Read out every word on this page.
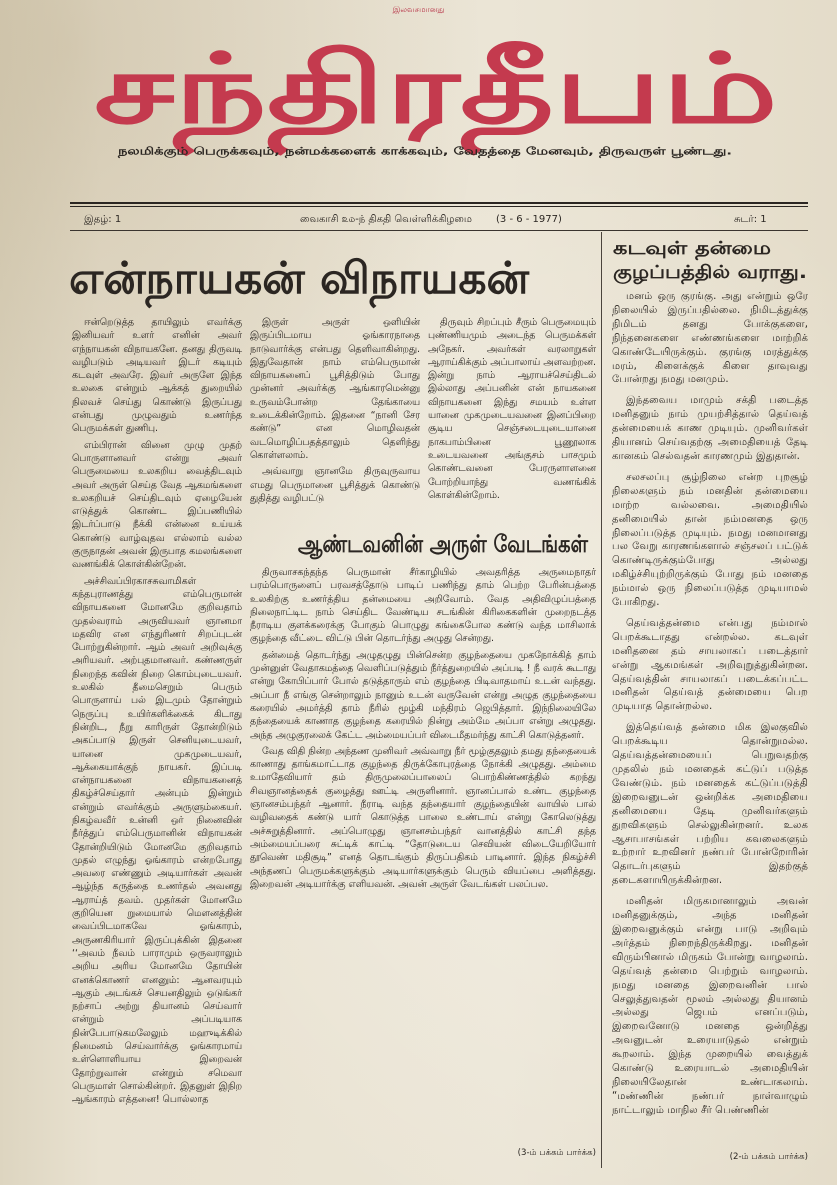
இலவசமானது
சந்திரதீபம்
நலமிக்கும் பெருக்கவும், நன்மக்களைக் காக்கவும், வேதத்தை மேனவும், திருவருள் பூண்டது.
இதழ்: 1	வைகாசி ௨௰-ந் திகதி வெள்ளிக்கிழமை	(3 - 6 - 1977)	சுடர்: 1
என்நாயகன் விநாயகன்
கடவுள் தன்மை
குழப்பத்தில் வராது.

ஈன்றெடுத்த தாயிலும் எவர்க்கு இனியவர் உளர் எனின் அவர் எந்நாயகன் விநாயகனே. தனது திருவடி வழிபடும் அடியவர் இடர் கடியும் கடவுள் அவரே. இவர் அருளே இந்த உலகை என்றும் ஆக்கத் துறையில் நிலவச் செய்து கொண்டு இருப்பது என்பது முழுவதும் உணர்ந்த பெருமக்கள் துணிபு.

எம்பிரான் வினை முழு முதற் பொருளானவர் என்று அவர் பெருமையை உலகறிய வைத்திடவும் அவர் அருள் செய்த வேத ஆகமங்களை உலகறியச் செய்திடவும் ஏழையேன் எடுத்துக் கொண்ட இப்பணியில் இடர்ப்பாடு நீக்கி என்னை உய்யக் கொண்டு வாழ்வுதவ எல்லாம் வல்ல குருநாதன் அவன் இருபாத கமலங்களை வணங்கிக் கொள்கின்றேன்.

அச்சிவப்பிரகாசசுவாமிகள் கந்தபுராணத்து எம்பெருமான் விநாயகனை மோனமே குறிவதாம் முதல்வராம் அருவியவர் ஞானமா மதவிர என எந்துரிணர் சிறப்புடன் போற்றுகின்றார். ஆம் அவர் அறிவுக்கு அரியவர். அற்புதமானவர். கண்ணருள் நிறைந்த கவின் நிறை கொம்புடையவர். உலகில் தீமைசெறும் பெரும் பொருளாய் பல் இடமும் தோன்றும் நெருப்பு உயிர்களிக்கைக் கிடாது நின்றிட, நீறு காரிருள் தோன்றிடும் அகப்பாடு இருள் செனியுடையவர், யானை முகமுடையவர், ஆக்கையாக்குந் நாயகர். இப்படி என்நாயகனை விநாயகனைத் திகழ்ச்செய்தார் அன்பும் இன்றும் என்றும் எவர்க்கும் அருளும்கையர். நிகழ்வவீர் உன்னி ஒர் நினைவின் நீர்த்துப் எம்பெருமானின் விநாயகன் தோன்றியிடும் மோனமே குறிவதாம் முதல் எழுந்து ஓங்காரம் என்றபோது அவரை எண்ணும் அடியார்கள் அவன் ஆழ்ந்த கருத்தை உணர்தல் அவனது ஆராய்த் தவம். முதர்கள் மோனமே குறியென றுமையால் மௌனத்தின் வைப்பிடமாகவே ஓங்காரம், அருணகிரியார் இருப்புக்கின் இதனை ‘‘அவம் நீவம் பாராமும் ஒருவராலும் அறிய அரிய மோனமே தோயின் எனக்கொணர் எனனும்: ஆனவரயும் ஆகும் அடங்கச் செயனதிலும் ஒடுங்கர் நற்சாப் அற்று தியானம் செய்வார் என்றும் அப்படியாக நின்பேபாடுகமலேலும் மஹுடிக்கில் நிமைனம் செய்வார்க்கு ஓங்காரமாய் உள்ளொளியாய இறைவன் தோற்றுவான் என்றும் சமெவா பெருமாள் சொல்கின்றர். இதனுள் இநிற ஆங்காரம் எத்தனை! பொல்லாத

இருள் அருள் ஒளியின் இருப்பிடமாய ஓங்காரநாதை நாடுவார்க்கு என்பது தெளிவாகின்றது. இதுவேதான் நாம் எம்பெருமான் விநாயகனைப் பூசித்திடும் போது முன்னர் அவர்க்கு ஆங்காரமென்னு உருவம்போன்ற தேங்காயை உடைக்கின்றோம். இதனை “நானி சேர கண்டு” என மொழிவதன் வடமொழிப்பதத்தாலும் தெளிந்து கொள்ளலாம்.

அவ்வாறு ஞானமே திருவுருவாய எமது பெருமானை பூசித்துக் கொண்டு துதித்து வழிபட்டு

திருவும் சிறப்பும் சீரும் பெருமையும் புண்ணியமும் அடைந்த பெருமக்கள் அநேகர். அவர்கள் வரலாறுகள் ஆராய்கிக்கும் அப்பாலாய் அளவற்றன. இன்று நாம் ஆராயச்செய்திடல் இல்லாது அப்பனின் என் நாயகனை விநாயகனை இந்து சமயம் உள்ள யானை முகமுடையவனை இனப்பிறை சூடிய செஞ்சடையுடையானை நாகபாம்பினை பூணூலாக உடையவனை அங்குசம் பாசமும் கொண்டவனை பேரருளாளனை போற்றியாந்து வணங்கிக் கொள்கின்றோம்.

ஆண்டவனின் அருள் வேடங்கள்

திருவாசகந்தந்த பெருமான் சீர்காழியில் அவதரித்த அருமைநாதர் பரம்பொருளைப் பரவசத்தோடு பாடிப் பணிந்து தாம் பெற்ற பேரின்பத்தை உலகிற்கு உணர்த்திய தன்மையை அறிவோம். வேத அதிவிழுப்பத்தை நிலைநாட்டிட நாம் செய்திட வேண்டிய சடங்கின் கிரிகைகளின் முறைநடத்த நீராடிய குளக்கரைக்கு போகும் பொழுது கங்கைபோல கண்டு வந்த மாசிலாக் குழந்தை வீட்டை விட்டு பின் தொடர்ந்து அழுது சென்றது.

தன்மைத் தொடர்ந்து அழுதழுது பின்சென்ற குழந்தையை முகநோக்கித் தாம் முன்னுள் வேதாகமத்தை வெளிப்படுத்தும் நீர்த்துறையில் அப்படி ! நீ வரக் கூடாது என்று கோபிப்பார் போல் தடுத்தாரும் எம் குழந்தை பிடிவாதமாய் உடன் வந்தது. அப்பா நீ எங்கு சென்றாலும் நானும் உடன் வருவேன் என்று அழுத குழந்தையை கரையில் அமர்த்தி தாம் நீரில் மூழ்கி மந்திரம் ஜெபித்தார். இந்நிலையிலே தந்தையைக் காணாத குழந்தை கரையில் நின்று அம்மே அப்பா என்று அழுதது. அந்த அழுகுரலைக் கேட்ட அம்மையப்பர் விடைமீதமர்ந்து காட்சி கொடுத்தனர்.

வேத விதி நின்ற அந்தண முனிவர் அவ்வாறு நீர் மூழ்குதலும் தமது தந்தையைக் காணாது தாங்கமாட்டாத குழந்தை திருக்கோபுரத்தை நோக்கி அழுதது. அம்மை உமாதேவியார் தம் திருமுலைப்பாலைப் பொற்கிண்ணத்தில் கறந்து சிவஞானத்தைக் குழைத்து ஊட்டி அருளினார். ஞானப்பால் உண்ட குழந்தை ஞானசம்பந்தர் ஆனார். நீராடி வந்த தந்தையார் குழந்தையின் வாயில் பால் வழிவதைக் கண்டு யார் கொடுத்த பாலை உண்டாய் என்று கோலெடுத்து அச்சுறுத்தினார். அப்பொழுது ஞானசம்பந்தர் வானத்தில் காட்சி தந்த அம்மையப்பரை சுட்டிக் காட்டி “தோடுடைய செவியன் விடையேறியோர் தூவெண் மதிசூடி” எனத் தொடங்கும் திருப்பதிகம் பாடினார். இந்த நிகழ்ச்சி அந்தணப் பெருமக்களுக்கும் அடியார்களுக்கும் பெரும் வியப்பை அளித்தது. இறைவன் அடியார்க்கு எளியவன். அவன் அருள் வேடங்கள் பலப்பல.

(3-ம் பக்கம் பார்க்க)

மனம் ஒரு குரங்கு. அது என்றும் ஒரே நிலையில் இருப்பதில்லை. நிமிடத்துக்கு நிமிடம் தனது போக்குகளை, நிந்தனைகளை எண்ணங்களை மாற்றிக் கொண்டேயிருக்கும். குரங்கு மரத்துக்கு மரம், கிளைக்குக் கிளை தாவுவது போன்றது நமது மனமும்.

இந்தவைய மாமும் சக்தி படைத்த மனிதனும் நாம் முயற்சித்தால் தெய்வத் தன்மையைக் காண முடியும். முனிவர்கள் தியானம் செய்வதற்கு அமைதியைத் தேடி கானகம் செல்வதன் காரணமும் இதுதான்.

சலசலப்பு சூழ்நிலை என்ற புறசூழ் நிலைகளும் நம் மனதின் தன்மையை மாற்ற வல்லவை. அமைதியில் தனிமையில் தான் நம்மனதை ஒரு நிலைப்படுத்த முடியும். நமது மனமானது பல வேறு காரணங்களால் சஞ்சலப் பட்டுக் கொண்டிருக்கும்போது அல்லது மகிழ்ச்சியுற்றிருக்கும் போது நம் மனதை நம்மால் ஒரு நிலைப்படுத்த முடியாமல் போகிறது.

தெய்வத்தன்மை என்பது நம்மால் பெறக்கூடாதது என்றல்ல. கடவுள் மனிதனை தம் சாயலாகப் படைத்தார் என்று ஆகமங்கள் அறிவுறுத்துகின்றன. தெய்வத்தின் சாயலாகப் படைக்கப்பட்ட மனிதன் தெய்வத் தன்மையை பெற முடியாத தொன்றல்ல.

இத்தெய்வத் தன்மை மிக இலகுவில் பெறக்கூடிய தொன்றுமல்ல. தெய்வத்தன்மையைப் பெறுவதற்கு முதலில் நம் மனதைக் கட்டுப் படுத்த வேண்டும். நம் மனதைக் கட்டுப்படுத்தி இறைவனுடன் ஒன்றிக்க அமைதியை தனிமையை தேடி முனிவர்களும் துறவிகளும் செல்லுகின்றனர். உலக ஆசாபாசங்கள் பற்றிய கவலைகளும் உற்றார் உறவினர் நண்பர் போன்றோரின் தொடர்புகளும் இதற்குத் தடைகளாயிருக்கின்றன.

மனிதன் மிருகமானாலும் அவன் மனிதனுக்கும், அந்த மனிதன் இறைவனுக்கும் என்று பாடு அறிவும் அர்த்தம் நிறைந்திருக்கிறது. மனிதன் விரும்பினால் மிருகம் போன்று வாழலாம். தெய்வத் தன்மை பெற்றும் வாழலாம். நமது மனதை இறைவனின் பால் செலுத்துவதன் மூலம் அல்லது தியானம் அல்லது ஜெபம் எனப்படும், இறைவனோடு மனதை ஒன்றித்து அவனுடன் உரையாடுதல் என்றும் கூறலாம். இந்த முறையில் வைத்துக் கொண்டு உரையாடல் அமைதியின் நிலையிலேதான் உண்டாகலாம். “மண்ணின் நண்பர் நாள்வாழும் நாட்டாலும் மாநில சீர் பெண்ணின்

(2-ம் பக்கம் பார்க்க)
